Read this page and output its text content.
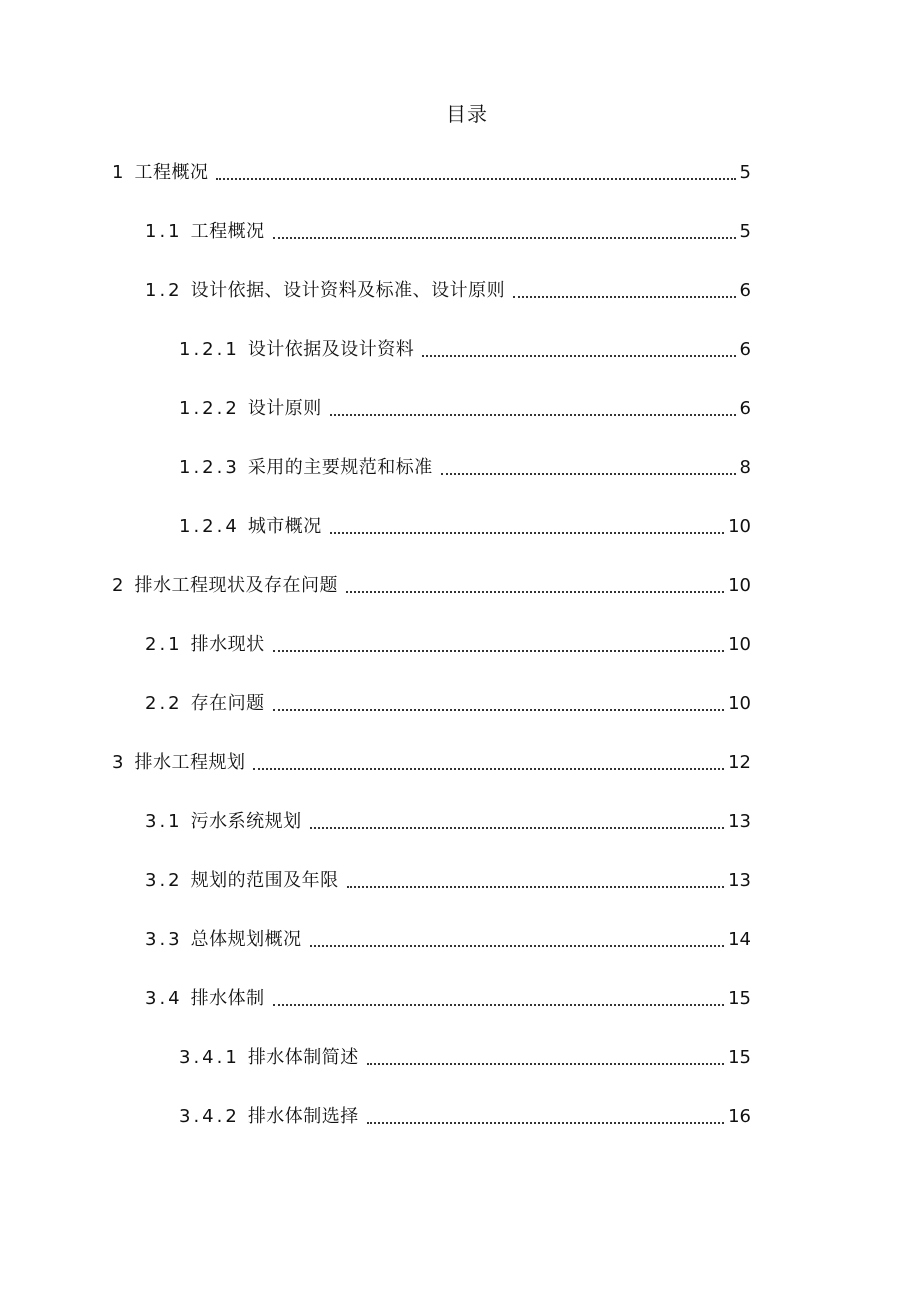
目录
1 工程概况	5
1.1 工程概况	5
1.2 设计依据、设计资料及标准、设计原则	6
1.2.1 设计依据及设计资料	6
1.2.2 设计原则	6
1.2.3 采用的主要规范和标准	8
1.2.4 城市概况	10
2 排水工程现状及存在问题	10
2.1 排水现状	10
2.2 存在问题	10
3 排水工程规划	12
3.1 污水系统规划	13
3.2 规划的范围及年限	13
3.3 总体规划概况	14
3.4 排水体制	15
3.4.1 排水体制简述	15
3.4.2 排水体制选择	16
